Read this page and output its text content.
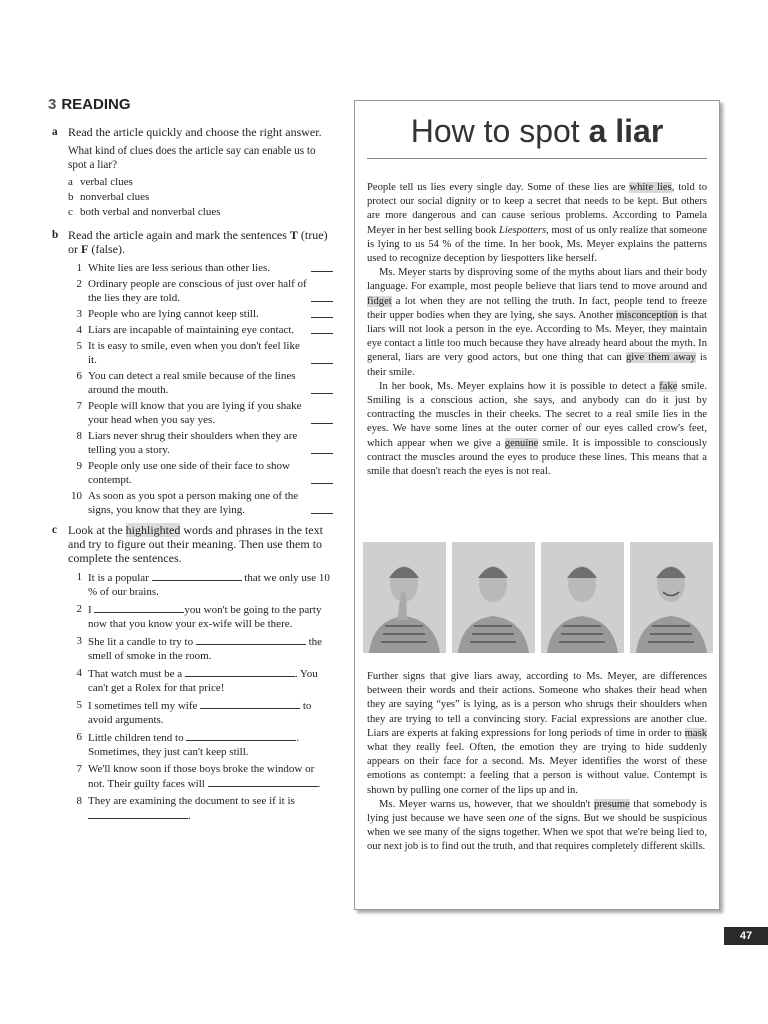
3 READING
a Read the article quickly and choose the right answer.
What kind of clues does the article say can enable us to spot a liar?
a verbal clues
b nonverbal clues
c both verbal and nonverbal clues
b Read the article again and mark the sentences T (true) or F (false).
1 White lies are less serious than other lies.
2 Ordinary people are conscious of just over half of the lies they are told.
3 People who are lying cannot keep still.
4 Liars are incapable of maintaining eye contact.
5 It is easy to smile, even when you don't feel like it.
6 You can detect a real smile because of the lines around the mouth.
7 People will know that you are lying if you shake your head when you say yes.
8 Liars never shrug their shoulders when they are telling you a story.
9 People only use one side of their face to show contempt.
10 As soon as you spot a person making one of the signs, you know that they are lying.
c Look at the highlighted words and phrases in the text and try to figure out their meaning. Then use them to complete the sentences.
1 It is a popular	that we only use 10 % of our brains.
2 I	you won't be going to the party now that you know your ex-wife will be there.
3 She lit a candle to try to	the smell of smoke in the room.
4 That watch must be a	. You can't get a Rolex for that price!
5 I sometimes tell my wife	to avoid arguments.
6 Little children tend to	. Sometimes, they just can't keep still.
7 We'll know soon if those boys broke the window or not. Their guilty faces will	.
8 They are examining the document to see if it is .
How to spot a liar

People tell us lies every single day. Some of these lies are white lies, told to protect our social dignity or to keep a secret that needs to be kept. But others are more dangerous and can cause serious problems. According to Pamela Meyer in her best selling book Liespotters, most of us only realize that someone is lying to us 54 % of the time. In her book, Ms. Meyer explains the patterns used to recognize deception by liespotters like herself.

Ms. Meyer starts by disproving some of the myths about liars and their body language. For example, most people believe that liars tend to move around and fidget a lot when they are not telling the truth. In fact, people tend to freeze their upper bodies when they are lying, she says. Another misconception is that liars will not look a person in the eye. According to Ms. Meyer, they maintain eye contact a little too much because they have already heard about the myth. In general, liars are very good actors, but one thing that can give them away is their smile.

In her book, Ms. Meyer explains how it is possible to detect a fake smile. Smiling is a conscious action, she says, and anybody can do it just by contracting the muscles in their cheeks. The secret to a real smile lies in the eyes. We have some lines at the outer corner of our eyes called crow's feet, which appear when we give a genuine smile. It is impossible to consciously contract the muscles around the eyes to produce these lines. This means that a smile that doesn't reach the eyes is not real.

Further signs that give liars away, according to Ms. Meyer, are differences between their words and their actions. Someone who shakes their head when they are saying “yes” is lying, as is a person who shrugs their shoulders when they are trying to tell a convincing story. Facial expressions are another clue. Liars are experts at faking expressions for long periods of time in order to mask what they really feel. Often, the emotion they are trying to hide suddenly appears on their face for a second. Ms. Meyer identifies the worst of these emotions as contempt: a feeling that a person is without value. Contempt is shown by pulling one corner of the lips up and in.

Ms. Meyer warns us, however, that we shouldn't presume that somebody is lying just because we have seen one of the signs. But we should be suspicious when we see many of the signs together. When we spot that we're being lied to, our next job is to find out the truth, and that requires completely different skills.

47
